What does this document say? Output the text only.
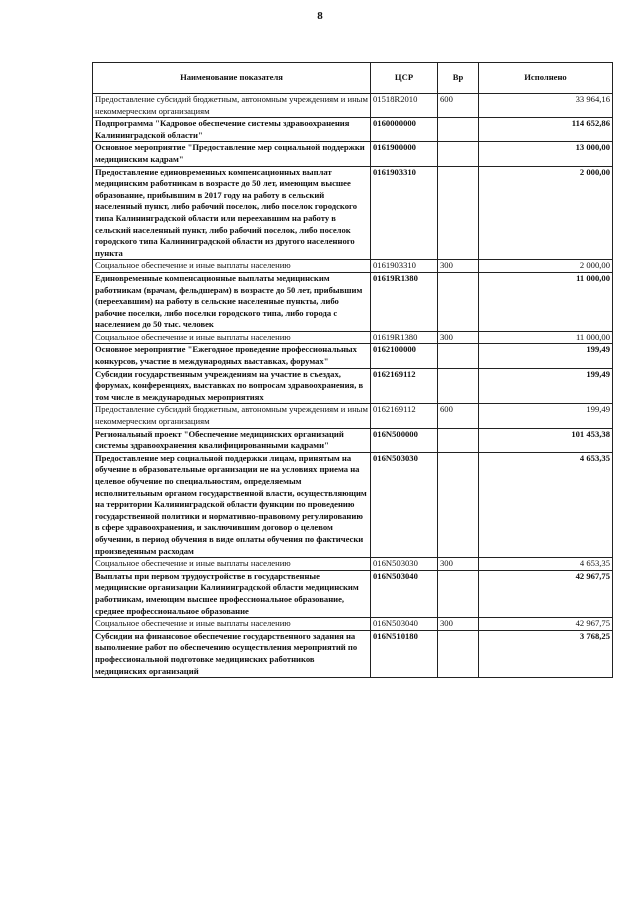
8
Наименование показателя	ЦСР	Вр	Исполнено
Предоставление субсидий бюджетным, автономным учреждениям и иным некоммерческим организациям	01518R2010	600	33 964,16
Подпрограмма "Кадровое обеспечение системы здравоохранения Калининградской области"	0160000000		114 652,86
Основное мероприятие "Предоставление мер социальной поддержки медицинским кадрам"	0161900000		13 000,00
Предоставление единовременных компенсационных выплат медицинским работникам в возрасте до 50 лет, имеющим высшее образование, прибывшим в 2017 году на работу в сельский населенный пункт, либо рабочий поселок, либо поселок городского типа Калининградской области или переехавшим на работу в сельский населенный пункт, либо рабочий поселок, либо поселок городского типа Калининградской области из другого населенного пункта	0161903310		2 000,00
Социальное обеспечение и иные выплаты населению	0161903310	300	2 000,00
Единовременные компенсационные выплаты медицинским работникам (врачам, фельдшерам) в возрасте до 50 лет, прибывшим (переехавшим) на работу в сельские населенные пункты, либо рабочие поселки, либо поселки городского типа, либо города с населением до 50 тыс. человек	01619R1380		11 000,00
Социальное обеспечение и иные выплаты населению	01619R1380	300	11 000,00
Основное мероприятие "Ежегодное проведение профессиональных конкурсов, участие в международных выставках, форумах"	0162100000		199,49
Субсидии государственным учреждениям на участие в съездах, форумах, конференциях, выставках по вопросам здравоохранения, в том числе в международных мероприятиях	0162169112		199,49
Предоставление субсидий бюджетным, автономным учреждениям и иным некоммерческим организациям	0162169112	600	199,49
Региональный проект "Обеспечение медицинских организаций системы здравоохранения квалифицированными кадрами"	016N500000		101 453,38
Предоставление мер социальной поддержки лицам, принятым на обучение в образовательные организации не на условиях приема на целевое обучение по специальностям, определяемым исполнительным органом государственной власти, осуществляющим на территории Калининградской области функции по проведению государственной политики и нормативно-правовому регулированию в сфере здравоохранения, и заключившим договор о целевом обучении, в период обучения в виде оплаты обучения по фактически произведенным расходам	016N503030		4 653,35
Социальное обеспечение и иные выплаты населению	016N503030	300	4 653,35
Выплаты при первом трудоустройстве в государственные медицинские организации Калининградской области медицинским работникам, имеющим высшее профессиональное образование, среднее профессиональное образование	016N503040		42 967,75
Социальное обеспечение и иные выплаты населению	016N503040	300	42 967,75
Субсидии на финансовое обеспечение государственного задания на выполнение работ по обеспечению осуществления мероприятий по профессиональной подготовке медицинских работников медицинских организаций	016N510180		3 768,25
